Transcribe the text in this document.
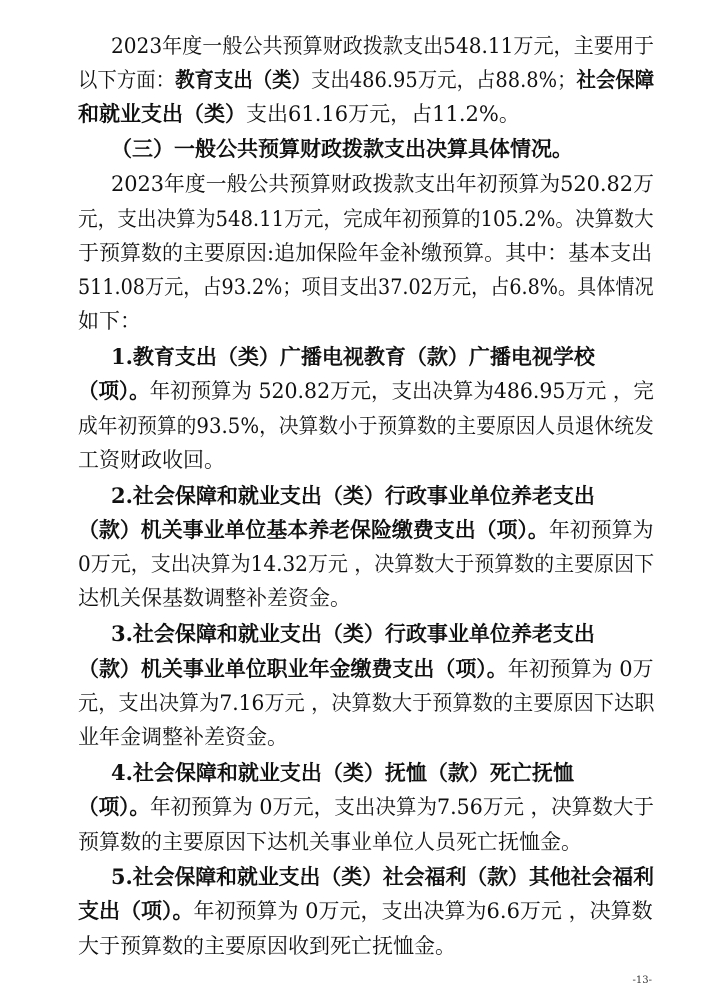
2023年度一般公共预算财政拨款支出548.11万元，主要用于
以下方面：教育支出（类）支出486.95万元，占88.8%；社会保障
和就业支出（类）支出61.16万元，占11.2%。
（三）一般公共预算财政拨款支出决算具体情况。
2023年度一般公共预算财政拨款支出年初预算为520.82万
元，支出决算为548.11万元，完成年初预算的105.2%。决算数大
于预算数的主要原因:追加保险年金补缴预算。其中：基本支出
511.08万元，占93.2%；项目支出37.02万元，占6.8%。具体情况
如下：
1.教育支出（类）广播电视教育（款）广播电视学校
（项）。年初预算为 520.82万元，支出决算为486.95万元 ，完
成年初预算的93.5%，决算数小于预算数的主要原因人员退休统发
工资财政收回。
2.社会保障和就业支出（类）行政事业单位养老支出
（款）机关事业单位基本养老保险缴费支出（项）。年初预算为
0万元，支出决算为14.32万元 ，决算数大于预算数的主要原因下
达机关保基数调整补差资金。
3.社会保障和就业支出（类）行政事业单位养老支出
（款）机关事业单位职业年金缴费支出（项）。年初预算为 0万
元，支出决算为7.16万元 ，决算数大于预算数的主要原因下达职
业年金调整补差资金。
4.社会保障和就业支出（类）抚恤（款）死亡抚恤
（项）。年初预算为 0万元，支出决算为7.56万元 ，决算数大于
预算数的主要原因下达机关事业单位人员死亡抚恤金。
5.社会保障和就业支出（类）社会福利（款）其他社会福利
支出（项）。年初预算为 0万元，支出决算为6.6万元 ，决算数
大于预算数的主要原因收到死亡抚恤金。
-13-
